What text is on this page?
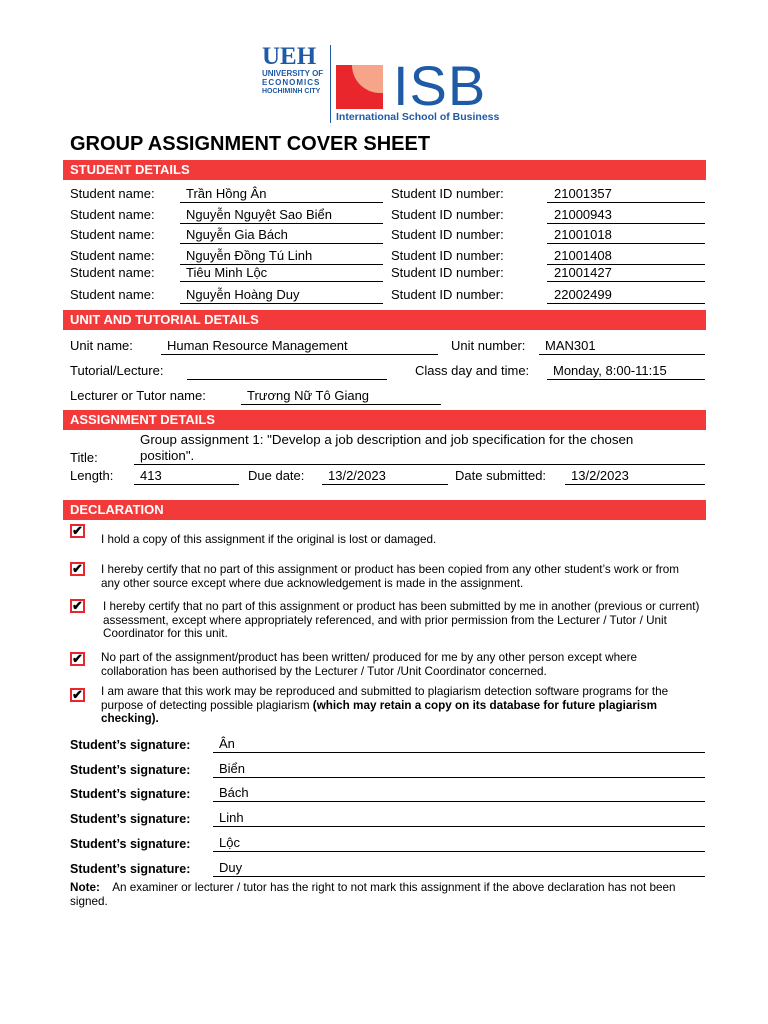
UEH
UNIVERSITY OF
ECONOMICS
HOCHIMINH CITY ISB
International School of Business
GROUP ASSIGNMENT COVER SHEET
STUDENT DETAILS
Student name:	Trần Hồng Ân	Student ID number:	21001357
Student name:	Nguyễn Nguyệt Sao Biển	Student ID number:	21000943
Student name:	Nguyễn Gia Bách	Student ID number:	21001018
Student name:	Nguyễn Đồng Tú Linh	Student ID number:	21001408
Student name:	Tiêu Minh Lộc	Student ID number:	21001427
Student name:	Nguyễn Hoàng Duy	Student ID number:	22002499
UNIT AND TUTORIAL DETAILS
Unit name:	Human Resource Management	Unit number:	MAN301
Tutorial/Lecture:	Class day and time:	Monday, 8:00-11:15
Lecturer or Tutor name:	Trương Nữ Tô Giang
ASSIGNMENT DETAILS
Title:
Group assignment 1: "Develop a job description and job specification for the chosen
position".
Length:	413	Due date:	13/2/2023	Date submitted:	13/2/2023
DECLARATION
✔
I hold a copy of this assignment if the original is lost or damaged.
✔ I hereby certify that no part of this assignment or product has been copied from any other student’s work or from any other source except where due acknowledgement is made in the assignment.
✔ I hereby certify that no part of this assignment or product has been submitted by me in another (previous or current) assessment, except where appropriately referenced, and with prior permission from the Lecturer / Tutor / Unit Coordinator for this unit.
✔ No part of the assignment/product has been written/ produced for me by any other person except where collaboration has been authorised by the Lecturer / Tutor /Unit Coordinator concerned.
✔ I am aware that this work may be reproduced and submitted to plagiarism detection software programs for the purpose of detecting possible plagiarism (which may retain a copy on its database for future plagiarism checking).
Student’s signature:	Ân
Student’s signature:	Biển
Student’s signature:	Bách
Student’s signature:	Linh
Student’s signature:	Lộc
Student’s signature:	Duy
Note: An examiner or lecturer / tutor has the right to not mark this assignment if the above declaration has not been signed.
